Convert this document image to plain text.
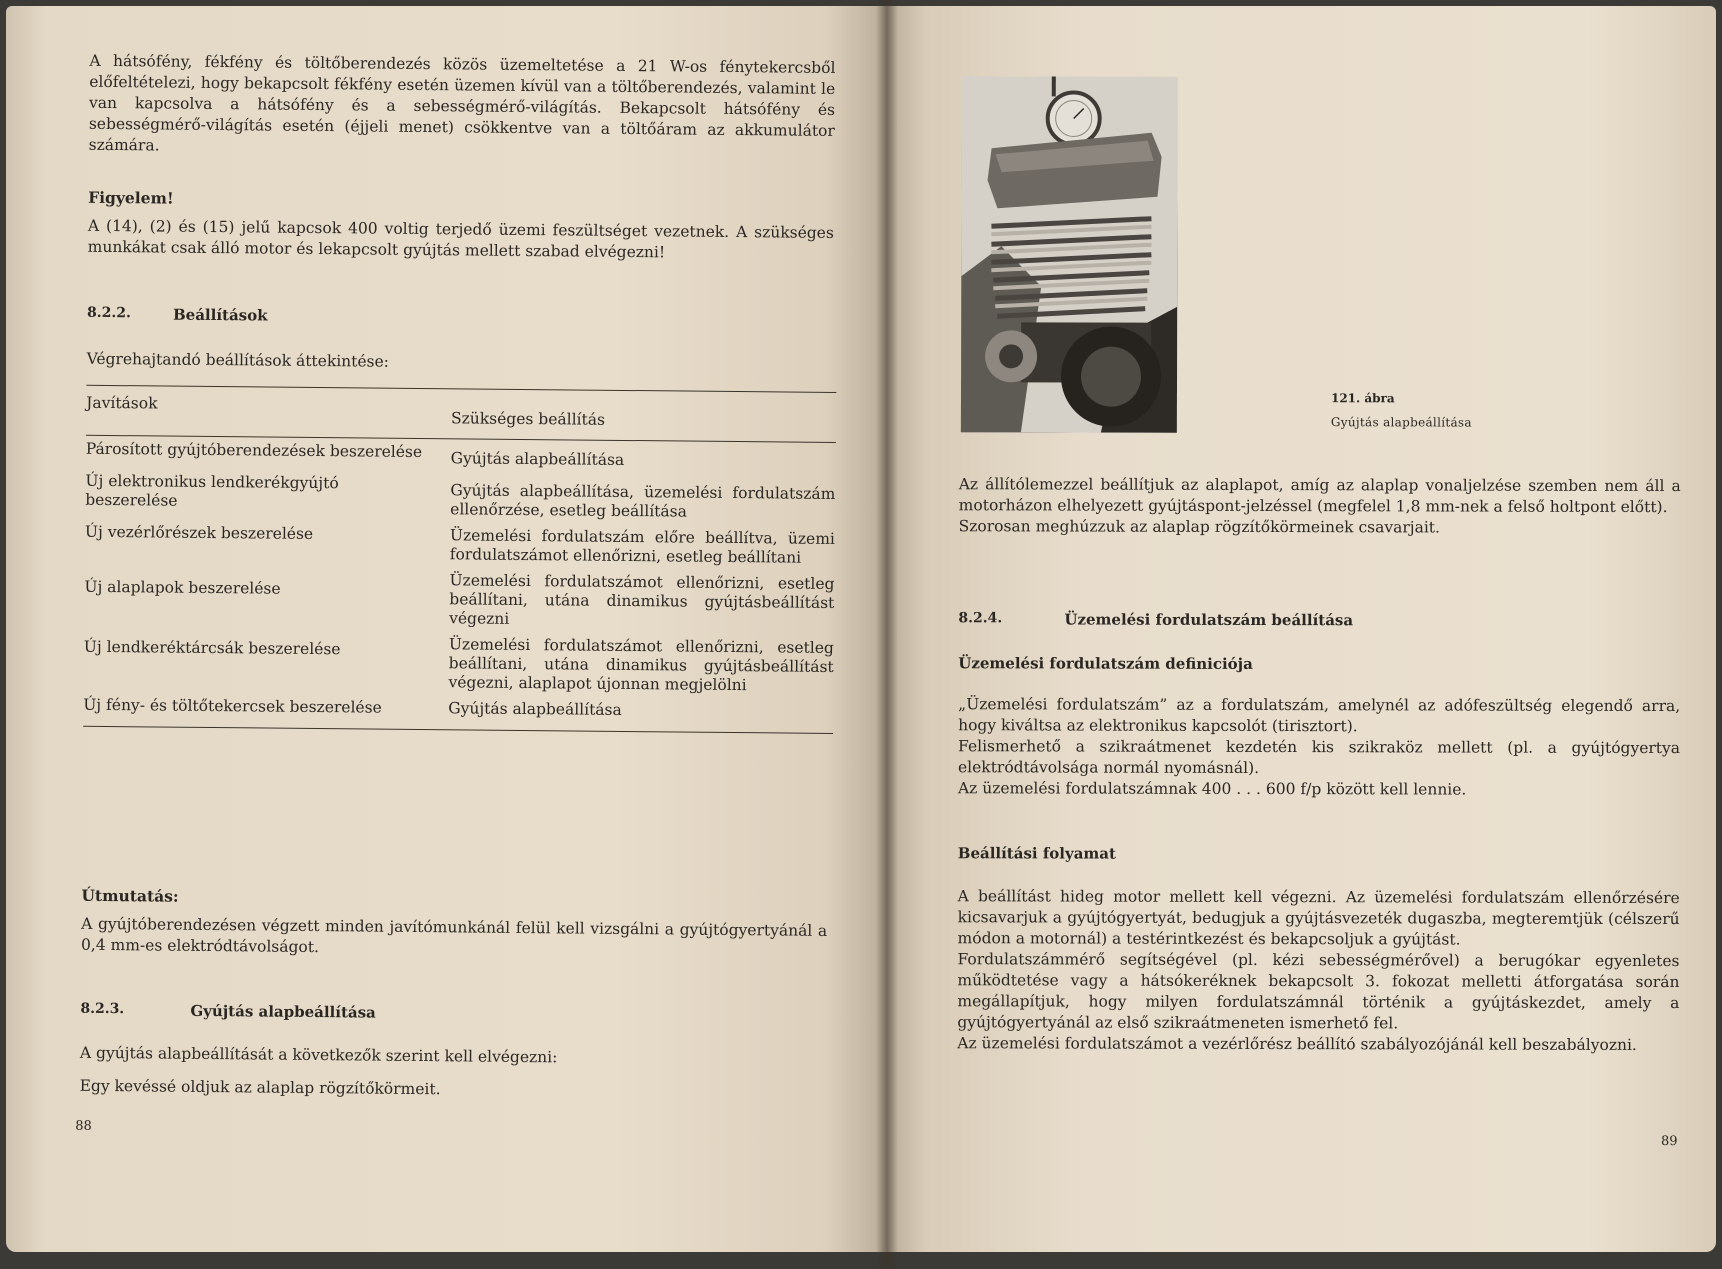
A hátsófény, fékfény és töltőberendezés közös üzemeltetése a 21 W-os fénytekercsből előfeltételezi, hogy bekapcsolt fékfény esetén üzemen kívül van a töltőberendezés, valamint le van kapcsolva a hátsófény és a sebességmérő-világítás. Bekapcsolt hátsófény és sebességmérő-világítás esetén (éjjeli menet) csökkentve van a töltőáram az akkumulátor számára.

Figyelem!

A (14), (2) és (15) jelű kapcsok 400 voltig terjedő üzemi feszültséget vezetnek. A szükséges munkákat csak álló motor és lekapcsolt gyújtás mellett szabad elvégezni!

8.2.2.	Beállítások

Végrehajtandó beállítások áttekintése:

Javítások	Szükséges beállítás

Párosított gyújtóberendezések beszerelése	Gyújtás alapbeállítása
Új elektronikus lendkerékgyújtó beszerelése	Gyújtás alapbeállítása, üzemelési fordulatszám ellenőrzése, esetleg beállítása
Új vezérlőrészek beszerelése	Üzemelési fordulatszám előre beállítva, üzemi fordulatszámot ellenőrizni, esetleg beállítani
Új alaplapok beszerelése	Üzemelési fordulatszámot ellenőrizni, esetleg beállítani, utána dinamikus gyújtásbeállítást végezni
Új lendkeréktárcsák beszerelése	Üzemelési fordulatszámot ellenőrizni, esetleg beállítani, utána dinamikus gyújtásbeállítást végezni, alaplapot újonnan megjelölni
Új fény- és töltőtekercsek beszerelése	Gyújtás alapbeállítása

Útmutatás:

A gyújtóberendezésen végzett minden javítómunkánál felül kell vizsgálni a gyújtógyertyánál a 0,4 mm-es elektródtávolságot.

8.2.3.	Gyújtás alapbeállítása

A gyújtás alapbeállítását a következők szerint kell elvégezni:

Egy kevéssé oldjuk az alaplap rögzítőkörmeit.

88
121. ábra
Gyújtás alapbeállítása

Az állítólemezzel beállítjuk az alaplapot, amíg az alaplap vonaljelzése szemben nem áll a motorházon elhelyezett gyújtáspont-jelzéssel (megfelel 1,8 mm-nek a felső holtpont előtt).

Szorosan meghúzzuk az alaplap rögzítőkörmeinek csavarjait.

8.2.4.	Üzemelési fordulatszám beállítása
Üzemelési fordulatszám definiciója

„Üzemelési fordulatszám” az a fordulatszám, amelynél az adófeszültség elegendő arra, hogy kiváltsa az elektronikus kapcsolót (tirisztort).

Felismerhető a szikraátmenet kezdetén kis szikraköz mellett (pl. a gyújtógyertya elektródtávolsága normál nyomásnál).

Az üzemelési fordulatszámnak 400 . . . 600 f/p között kell lennie.

Beállítási folyamat

A beállítást hideg motor mellett kell végezni. Az üzemelési fordulatszám ellenőrzésére kicsavarjuk a gyújtógyertyát, bedugjuk a gyújtásvezeték dugaszba, megteremtjük (célszerű módon a motornál) a testérintkezést és bekapcsoljuk a gyújtást.

Fordulatszámmérő segítségével (pl. kézi sebességmérővel) a berugókar egyenletes működtetése vagy a hátsókeréknek bekapcsolt 3. fokozat melletti átforgatása során megállapítjuk, hogy milyen fordulatszámnál történik a gyújtáskezdet, amely a gyújtógyertyánál az első szikraátmeneten ismerhető fel.

Az üzemelési fordulatszámot a vezérlőrész beállító szabályozójánál kell beszabályozni.

89
